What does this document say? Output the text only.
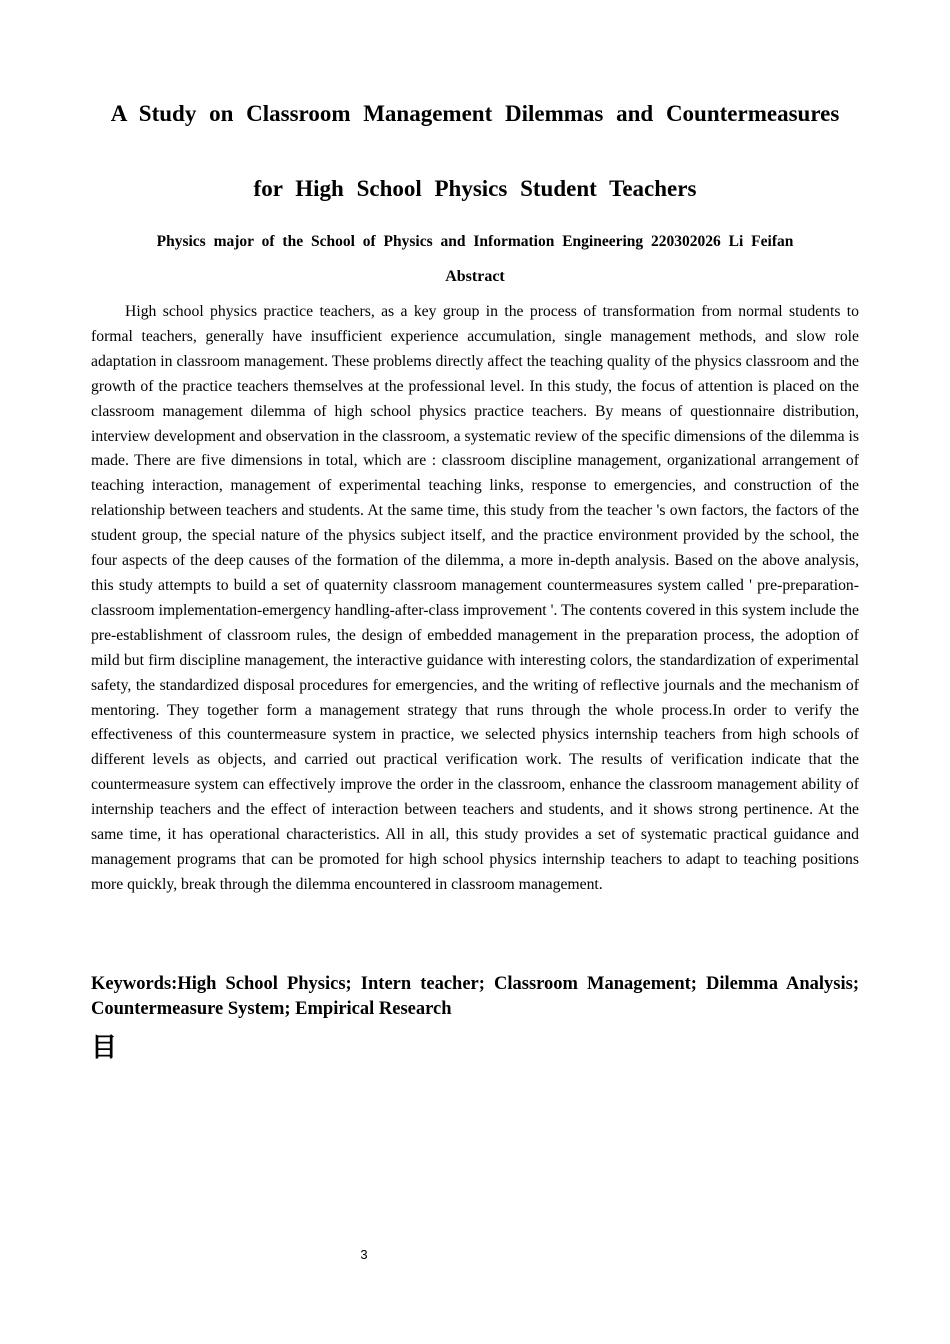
A Study on Classroom Management Dilemmas and Countermeasures
for High School Physics Student Teachers
Physics major of the School of Physics and Information Engineering 220302026 Li Feifan
Abstract

High school physics practice teachers, as a key group in the process of transformation from normal students to formal teachers, generally have insufficient experience accumulation, single management methods, and slow role adaptation in classroom management. These problems directly affect the teaching quality of the physics classroom and the growth of the practice teachers themselves at the professional level. In this study, the focus of attention is placed on the classroom management dilemma of high school physics practice teachers. By means of questionnaire distribution, interview development and observation in the classroom, a systematic review of the specific dimensions of the dilemma is made. There are five dimensions in total, which are : classroom discipline management, organizational arrangement of teaching interaction, management of experimental teaching links, response to emergencies, and construction of the relationship between teachers and students. At the same time, this study from the teacher 's own factors, the factors of the student group, the special nature of the physics subject itself, and the practice environment provided by the school, the four aspects of the deep causes of the formation of the dilemma, a more in-depth analysis. Based on the above analysis, this study attempts to build a set of quaternity classroom management countermeasures system called ' pre-preparation-classroom implementation-emergency handling-after-class improvement '. The contents covered in this system include the pre-establishment of classroom rules, the design of embedded management in the preparation process, the adoption of mild but firm discipline management, the interactive guidance with interesting colors, the standardization of experimental safety, the standardized disposal procedures for emergencies, and the writing of reflective journals and the mechanism of mentoring. They together form a management strategy that runs through the whole process.In order to verify the effectiveness of this countermeasure system in practice, we selected physics internship teachers from high schools of different levels as objects, and carried out practical verification work. The results of verification indicate that the countermeasure system can effectively improve the order in the classroom, enhance the classroom management ability of internship teachers and the effect of interaction between teachers and students, and it shows strong pertinence. At the same time, it has operational characteristics. All in all, this study provides a set of systematic practical guidance and management programs that can be promoted for high school physics internship teachers to adapt to teaching positions more quickly, break through the dilemma encountered in classroom management.

Keywords:High School Physics; Intern teacher; Classroom Management; Dilemma Analysis; Countermeasure System; Empirical Research

目
3
